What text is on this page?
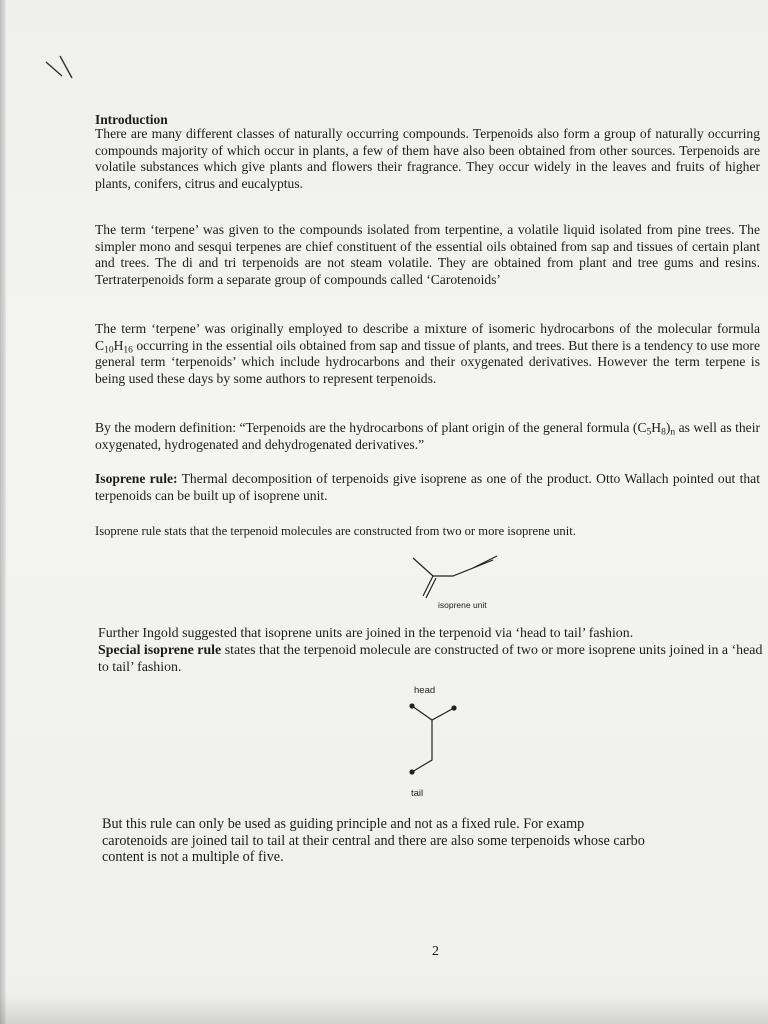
Introduction

There are many different classes of naturally occurring compounds. Terpenoids also form a group of naturally occurring compounds majority of which occur in plants, a few of them have also been obtained from other sources. Terpenoids are volatile substances which give plants and flowers their fragrance. They occur widely in the leaves and fruits of higher plants, conifers, citrus and eucalyptus.

The term ‘terpene’ was given to the compounds isolated from terpentine, a volatile liquid isolated from pine trees. The simpler mono and sesqui terpenes are chief constituent of the essential oils obtained from sap and tissues of certain plant and trees. The di and tri terpenoids are not steam volatile. They are obtained from plant and tree gums and resins. Tertraterpenoids form a separate group of compounds called ‘Carotenoids’

The term ‘terpene’ was originally employed to describe a mixture of isomeric hydrocarbons of the molecular formula $C_{10}H_{16}$ occurring in the essential oils obtained from sap and tissue of plants, and trees. But there is a tendency to use more general term ‘terpenoids’ which include hydrocarbons and their oxygenated derivatives. However the term terpene is being used these days by some authors to represent terpenoids.

By the modern definition: “Terpenoids are the hydrocarbons of plant origin of the general formula $(C_5H_8)_n$ as well as their oxygenated, hydrogenated and dehydrogenated derivatives.”

Isoprene rule: Thermal decomposition of terpenoids give isoprene as one of the product. Otto Wallach pointed out that terpenoids can be built up of isoprene unit.

Isoprene rule stats that the terpenoid molecules are constructed from two or more isoprene unit.

isoprene unit

Further Ingold suggested that isoprene units are joined in the terpenoid via ‘head to tail’ fashion.
Special isoprene rule states that the terpenoid molecule are constructed of two or more isoprene units joined in a ‘head to tail’ fashion.

head
tail

But this rule can only be used as guiding principle and not as a fixed rule. For examp
carotenoids are joined tail to tail at their central and there are also some terpenoids whose carbo
content is not a multiple of five.

2
